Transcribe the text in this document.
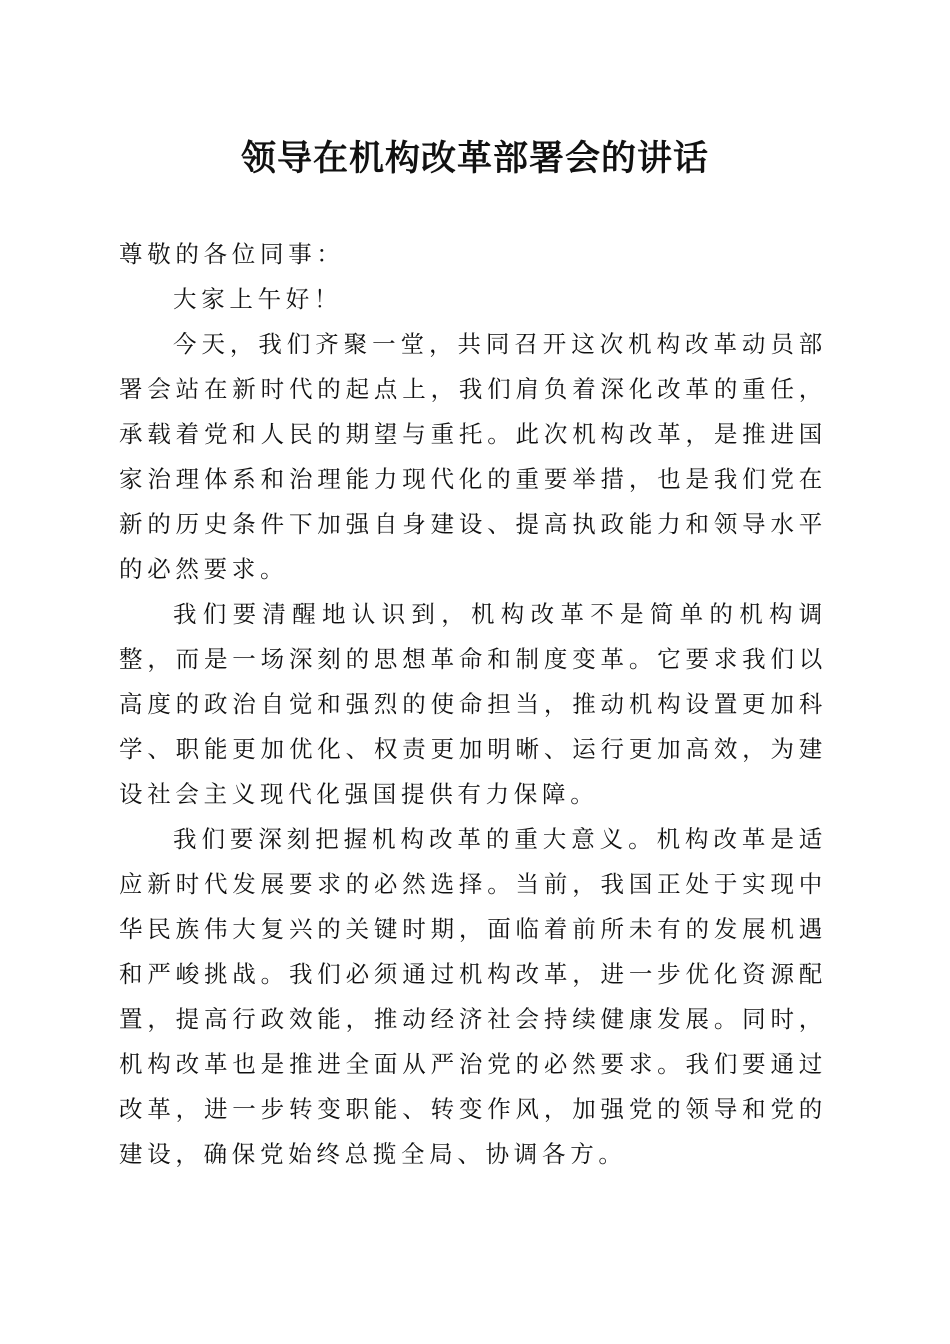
领导在机构改革部署会的讲话

尊敬的各位同事：

大家上午好！

今天，我们齐聚一堂，共同召开这次机构改革动员部署会站在新时代的起点上，我们肩负着深化改革的重任，承载着党和人民的期望与重托。此次机构改革，是推进国家治理体系和治理能力现代化的重要举措，也是我们党在新的历史条件下加强自身建设、提高执政能力和领导水平的必然要求。

我们要清醒地认识到，机构改革不是简单的机构调整，而是一场深刻的思想革命和制度变革。它要求我们以高度的政治自觉和强烈的使命担当，推动机构设置更加科学、职能更加优化、权责更加明晰、运行更加高效，为建设社会主义现代化强国提供有力保障。

我们要深刻把握机构改革的重大意义。机构改革是适应新时代发展要求的必然选择。当前，我国正处于实现中华民族伟大复兴的关键时期，面临着前所未有的发展机遇和严峻挑战。我们必须通过机构改革，进一步优化资源配置，提高行政效能，推动经济社会持续健康发展。同时，机构改革也是推进全面从严治党的必然要求。我们要通过改革，进一步转变职能、转变作风，加强党的领导和党的建设，确保党始终总揽全局、协调各方。
